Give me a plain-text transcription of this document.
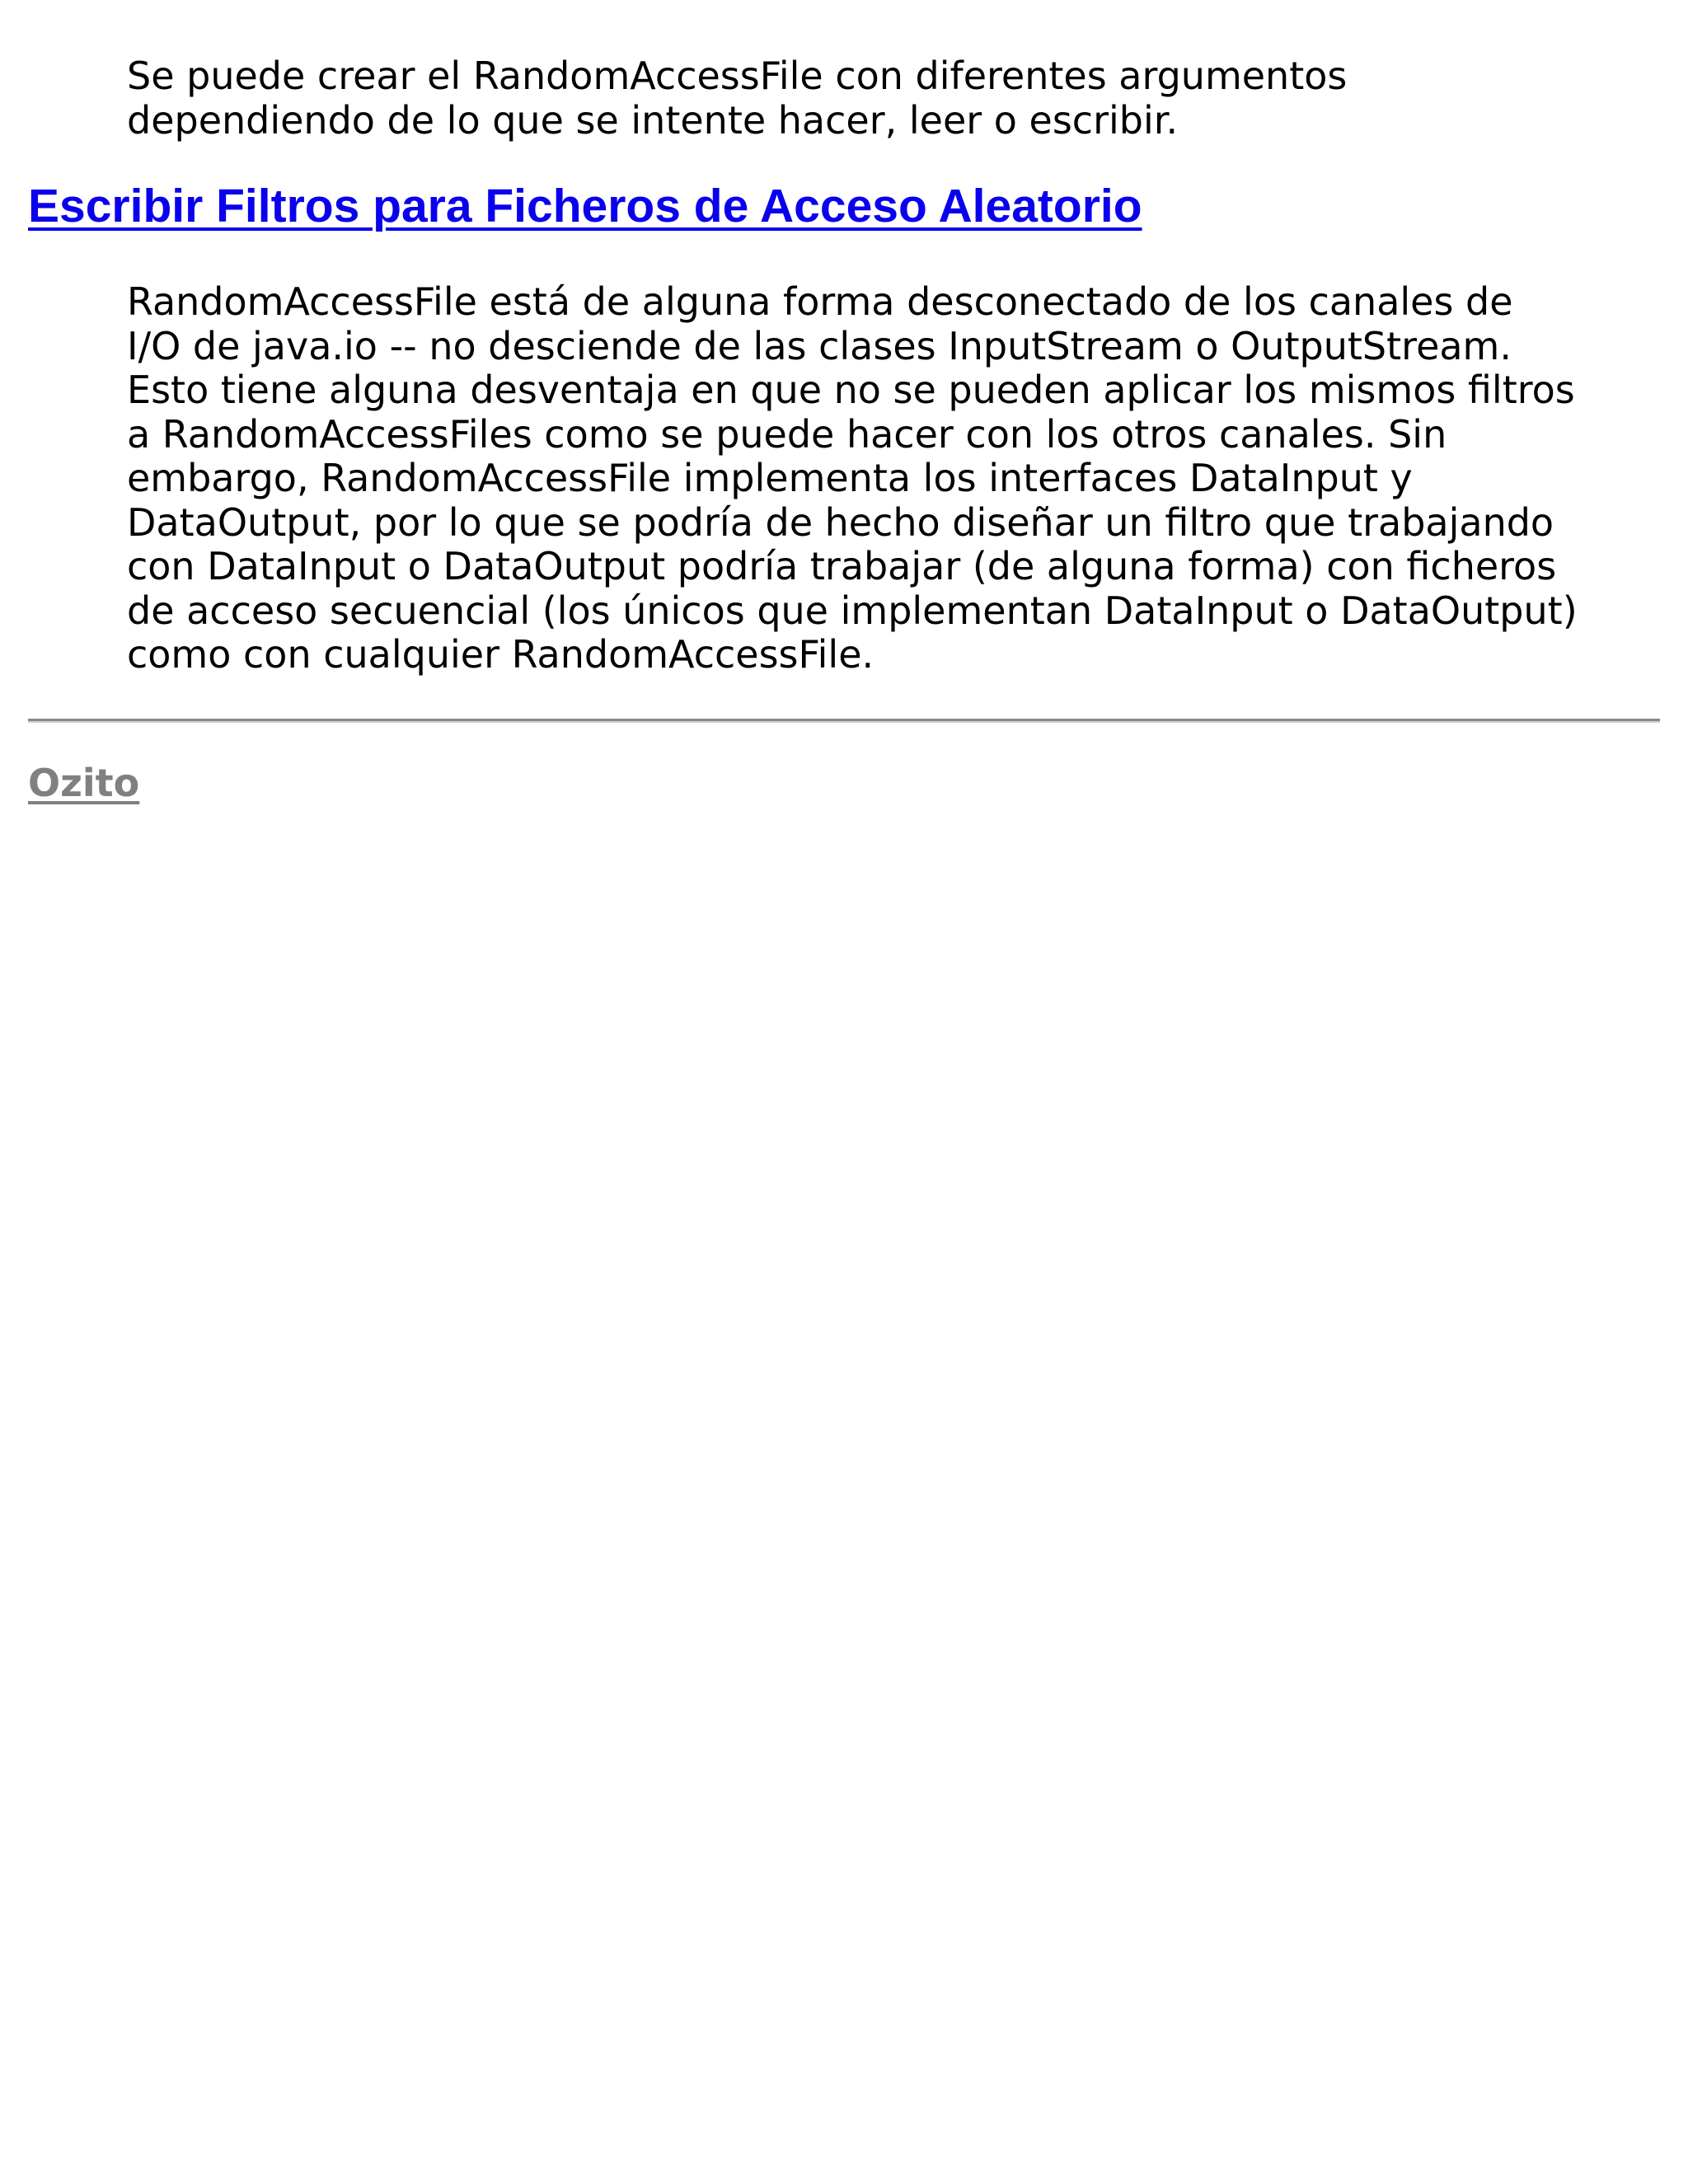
Se puede crear el RandomAccessFile con diferentes argumentos dependiendo de lo que se intente hacer, leer o escribir.

Escribir Filtros para Ficheros de Acceso Aleatorio

RandomAccessFile está de alguna forma desconectado de los canales de I/O de java.io -- no desciende de las clases InputStream o OutputStream. Esto tiene alguna desventaja en que no se pueden aplicar los mismos filtros a RandomAccessFiles como se puede hacer con los otros canales. Sin embargo, RandomAccessFile implementa los interfaces DataInput y DataOutput, por lo que se podría de hecho diseñar un filtro que trabajando con DataInput o DataOutput podría trabajar (de alguna forma) con ficheros de acceso secuencial (los únicos que implementan DataInput o DataOutput) como con cualquier RandomAccessFile.

Ozito
